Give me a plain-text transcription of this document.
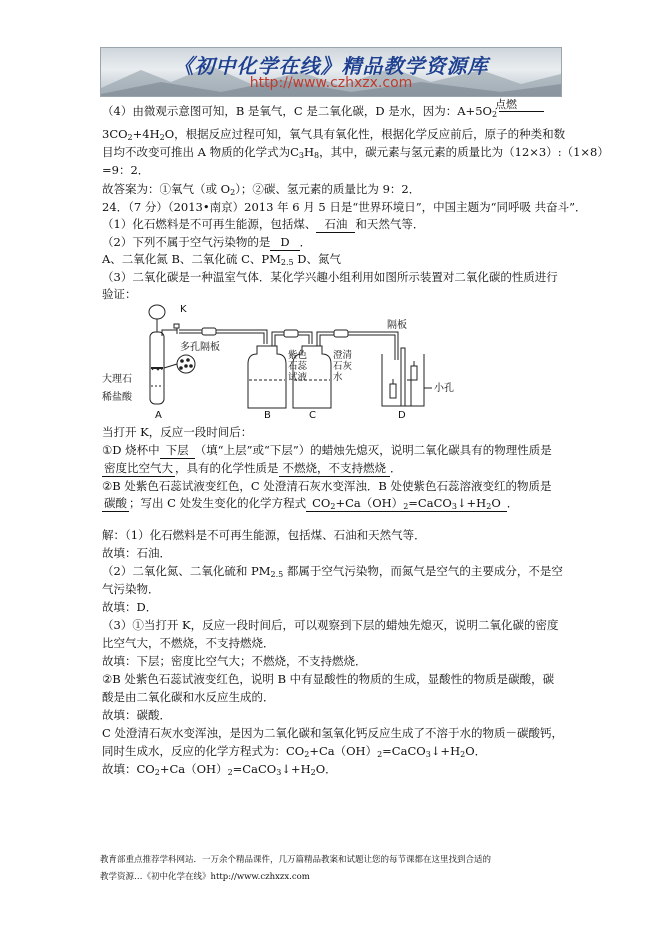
《初中化学在线》精品教学资源库
http://www.czhxzx.com
点燃
（4）由微观示意图可知，B 是氧气，C 是二氧化碳，D 是水，因为：$A+5O_2$
$3CO_2+4H_2O$，根据反应过程可知，氧气具有氧化性，根据化学反应前后，原子的种类和数
目均不改变可推出 A 物质的化学式为$C_3H_8$，其中，碳元素与氢元素的质量比为（12×3）:（1×8）
=9：2．
故答案为：①氧气（或 $O_2$）；②碳、氢元素的质量比为 9：2．
24．（7 分）（2013•南京）2013 年 6 月 5 日是“世界环境日”，中国主题为“同呼吸 共奋斗”．
（1）化石燃料是不可再生能源，包括煤、 石油 和天然气等．
（2）下列不属于空气污染物的是 D ．
A、二氧化氮 B、二氧化硫 C、$PM_{2.5}$ D、氮气
（3）二氧化碳是一种温室气体．某化学兴趣小组利用如图所示装置对二氧化碳的性质进行
验证：
K
多孔隔板
大理石
稀盐酸
紫色石蕊试液
澄清石灰水
隔板
小孔
A	B	C	D
当打开 K，反应一段时间后：
①D 烧杯中 下层 （填“上层”或“下层”）的蜡烛先熄灭，说明二氧化碳具有的物理性质是
密度比空气大 ，具有的化学性质是 不燃烧，不支持燃烧 ．
②B 处紫色石蕊试液变红色，C 处澄清石灰水变浑浊．B 处使紫色石蕊溶液变红的物质是
碳酸 ；写出 C 处发生变化的化学方程式 $CO_2+Ca(OH)_2=CaCO_3↓+H_2O$ ．
解：（1）化石燃料是不可再生能源，包括煤、石油和天然气等．
故填：石油．
（2）二氧化氮、二氧化硫和 $PM_{2.5}$ 都属于空气污染物，而氮气是空气的主要成分，不是空
气污染物．
故填：D．
（3）①当打开 K，反应一段时间后，可以观察到下层的蜡烛先熄灭，说明二氧化碳的密度
比空气大，不燃烧，不支持燃烧．
故填：下层；密度比空气大；不燃烧，不支持燃烧．
②B 处紫色石蕊试液变红色，说明 B 中有显酸性的物质的生成，显酸性的物质是碳酸，碳
酸是由二氧化碳和水反应生成的．
故填：碳酸．
C 处澄清石灰水变浑浊，是因为二氧化碳和氢氧化钙反应生成了不溶于水的物质－碳酸钙，
同时生成水，反应的化学方程式为：$CO_2+Ca(OH)_2=CaCO_3↓+H_2O$．
故填：$CO_2+Ca(OH)_2=CaCO_3↓+H_2O$．
教育部重点推荐学科网站．一万余个精品课件，几万篇精品教案和试题让您的每节课都在这里找到合适的
教学资源…《初中化学在线》http://www.czhxzx.com
